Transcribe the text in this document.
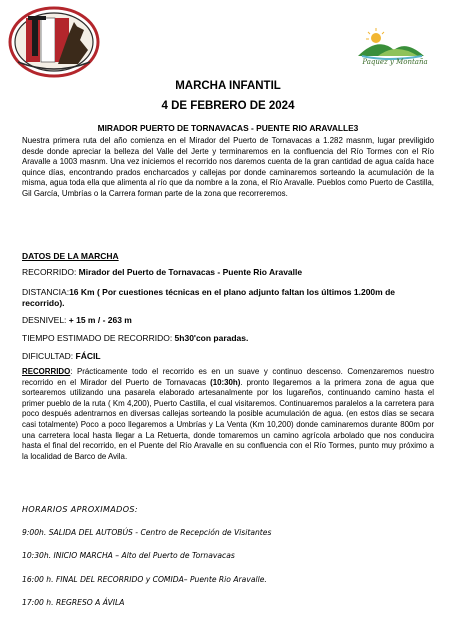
Paquez y Montaña
MARCHA INFANTIL
4 DE FEBRERO DE 2024
MIRADOR PUERTO DE TORNAVACAS - PUENTE RIO ARAVALLE3
Nuestra primera ruta del año comienza en el Mirador del Puerto de Tornavacas a 1.282 masnm, lugar previligido desde donde apreciar la belleza del Valle del Jerte y terminaremos en la confluencia del Río Tormes con el Río Aravalle a 1003 masnm. Una vez iniciemos el recorrido nos daremos cuenta de la gran cantidad de agua caída hace quince días, encontrando prados encharcados y callejas por donde caminaremos sorteando la acumulación de la misma, agua toda ella que alimenta al río que da nombre a la zona, el Río Aravalle. Pueblos como Puerto de Castilla, Gil García, Umbrías o la Carrera forman parte de la zona que recorreremos.
DATOS DE LA MARCHA
RECORRIDO: Mirador del Puerto de Tornavacas - Puente Rio Aravalle
DISTANCIA:16 Km ( Por cuestiones técnicas en el plano adjunto faltan los últimos 1.200m de recorrido).
DESNIVEL: + 15 m / - 263 m
TIEMPO ESTIMADO DE RECORRIDO: 5h30'con paradas.
DIFICULTAD: FÁCIL
RECORRIDO: Prácticamente todo el recorrido es en un suave y continuo descenso. Comenzaremos nuestro recorrido en el Mirador del Puerto de Tornavacas (10:30h). pronto llegaremos a la primera zona de agua que sortearemos utilizando una pasarela elaborado artesanalmente por los lugareños, continuando camino hasta el primer pueblo de la ruta ( Km 4,200), Puerto Castilla, el cual visitaremos. Continuaremos paralelos a la carretera para poco después adentrarnos en diversas callejas sorteando la posible acumulación de agua. (en estos días se secara casi totalmente) Poco a poco llegaremos a Umbrías y La Venta (Km 10,200) donde caminaremos durante 800m por una carretera local hasta llegar a La Retuerta, donde tomaremos un camino agrícola arbolado que nos conducira hasta el final del recorrido, en el Puente del Río Aravalle en su confluencia con el Río Tormes, punto muy próximo a la localidad de Barco de Avila.
HORARIOS APROXIMADOS:
9:00h. SALIDA DEL AUTOBÚS - Centro de Recepción de Visitantes
10:30h. INICIO MARCHA – Alto del Puerto de Tornavacas
16:00 h. FINAL DEL RECORRIDO y COMIDA– Puente Rio Aravalle.
17:00 h. REGRESO A ÁVILA
